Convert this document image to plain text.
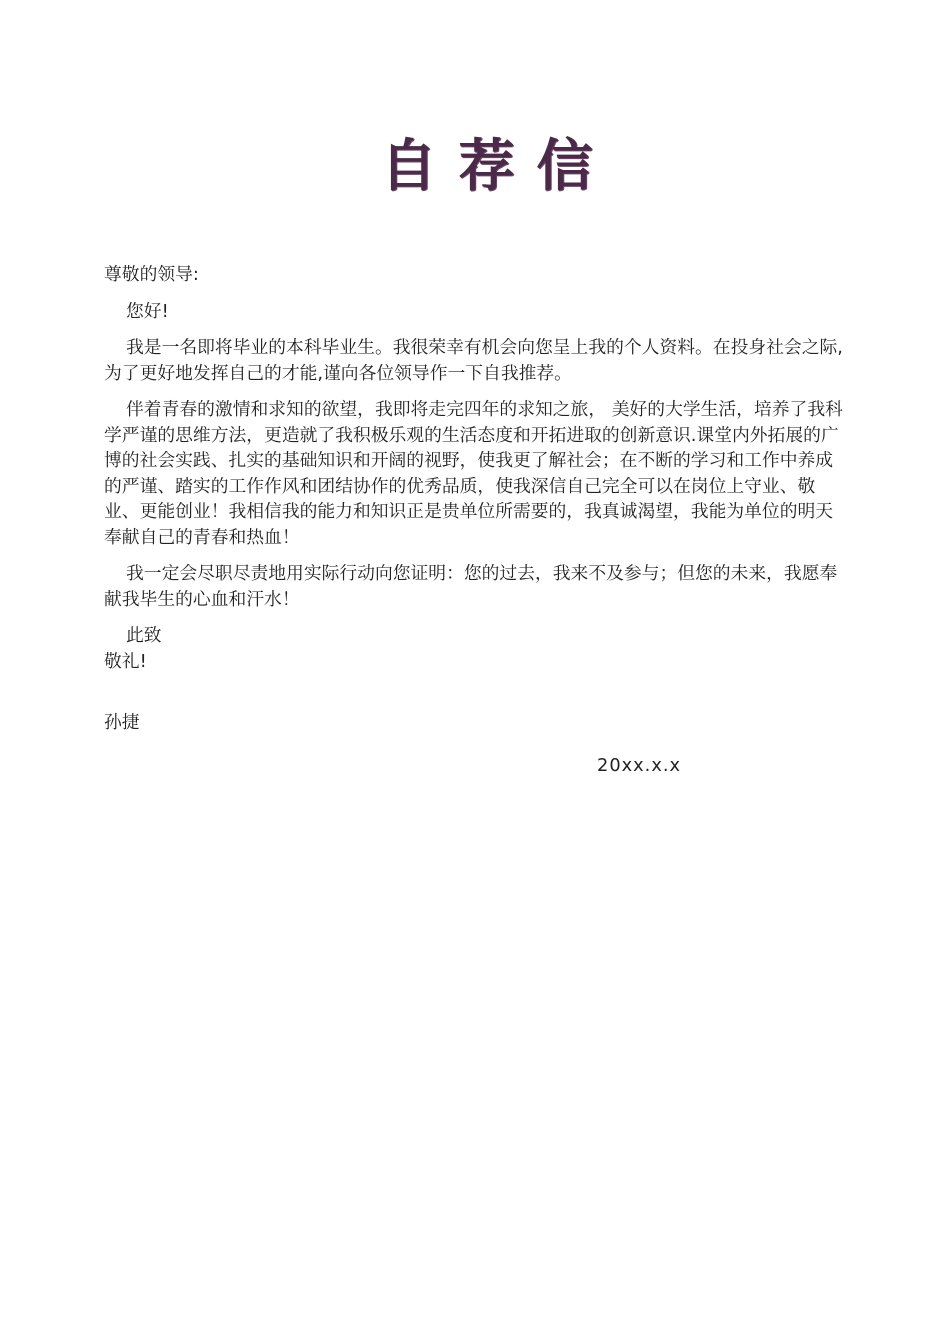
自荐信

尊敬的领导:

您好!

我是一名即将毕业的本科毕业生。我很荣幸有机会向您呈上我的个人资料。在投身社会之际,为了更好地发挥自己的才能,谨向各位领导作一下自我推荐。

伴着青春的激情和求知的欲望，我即将走完四年的求知之旅， 美好的大学生活，培养了我科学严谨的思维方法，更造就了我积极乐观的生活态度和开拓进取的创新意识.课堂内外拓展的广博的社会实践、扎实的基础知识和开阔的视野，使我更了解社会；在不断的学习和工作中养成的严谨、踏实的工作作风和团结协作的优秀品质，使我深信自己完全可以在岗位上守业、敬业、更能创业！我相信我的能力和知识正是贵单位所需要的，我真诚渴望，我能为单位的明天奉献自己的青春和热血！

我一定会尽职尽责地用实际行动向您证明：您的过去，我来不及参与；但您的未来，我愿奉献我毕生的心血和汗水！

此致

敬礼!

孙捷

20xx.x.x
